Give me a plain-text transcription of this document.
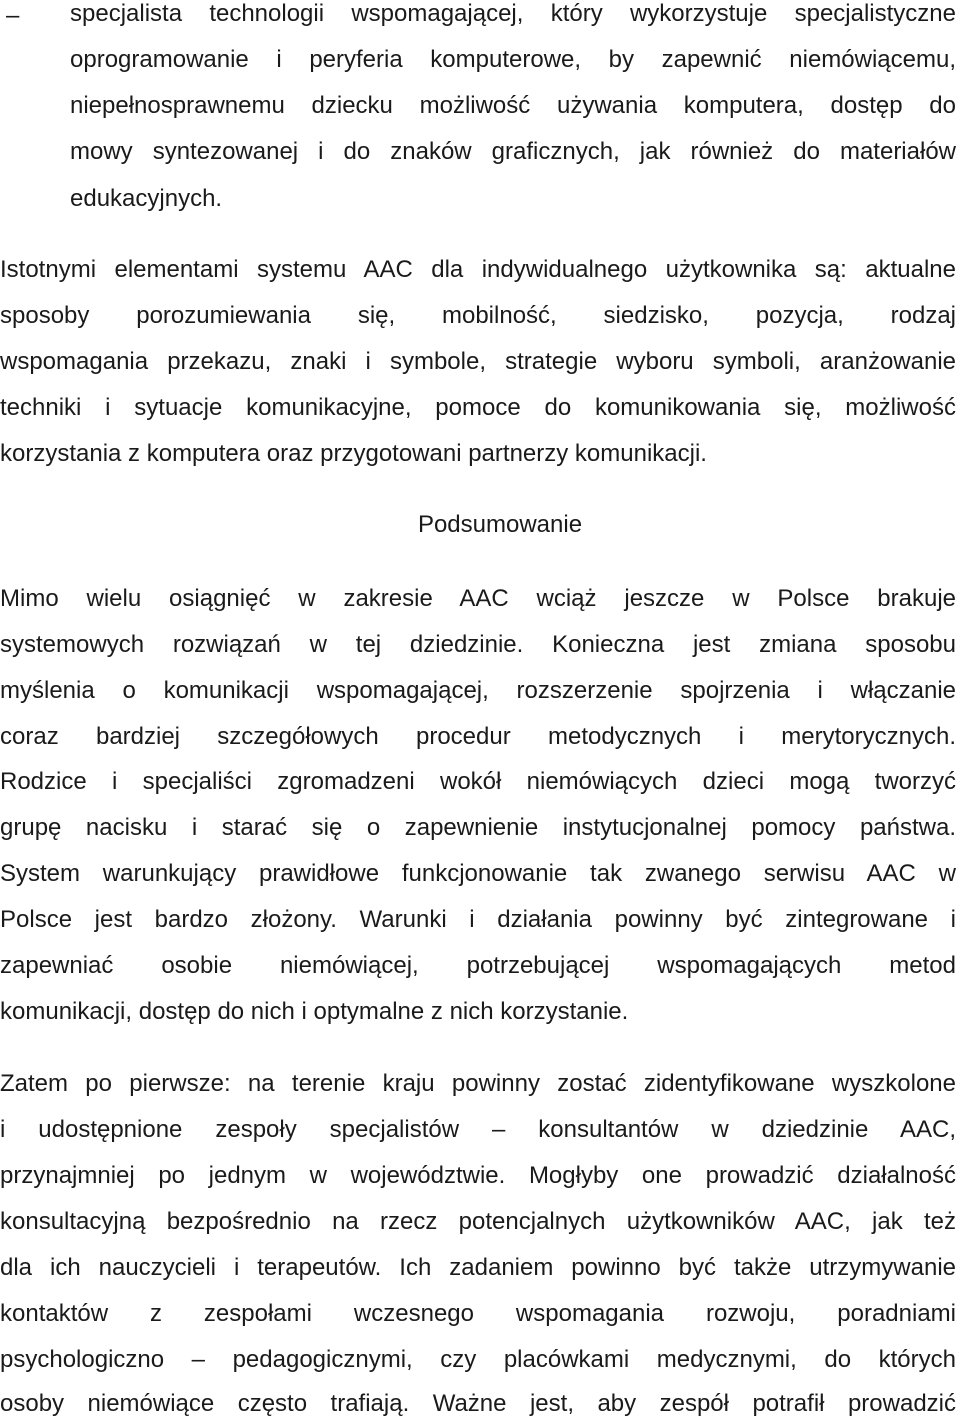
– specjalista technologii wspomagającej, który wykorzystuje specjalistyczne
oprogramowanie i peryferia komputerowe, by zapewnić niemówiącemu,
niepełnosprawnemu dziecku możliwość używania komputera, dostęp do
mowy syntezowanej i do znaków graficznych, jak również do materiałów
edukacyjnych.
Istotnymi elementami systemu AAC dla indywidualnego użytkownika są: aktualne
sposoby porozumiewania się, mobilność, siedzisko, pozycja, rodzaj
wspomagania przekazu, znaki i symbole, strategie wyboru symboli, aranżowanie
techniki i sytuacje komunikacyjne, pomoce do komunikowania się, możliwość
korzystania z komputera oraz przygotowani partnerzy komunikacji.
Podsumowanie
Mimo wielu osiągnięć w zakresie AAC wciąż jeszcze w Polsce brakuje
systemowych rozwiązań w tej dziedzinie. Konieczna jest zmiana sposobu
myślenia o komunikacji wspomagającej, rozszerzenie spojrzenia i włączanie
coraz bardziej szczegółowych procedur metodycznych i merytorycznych.
Rodzice i specjaliści zgromadzeni wokół niemówiących dzieci mogą tworzyć
grupę nacisku i starać się o zapewnienie instytucjonalnej pomocy państwa.
System warunkujący prawidłowe funkcjonowanie tak zwanego serwisu AAC w
Polsce jest bardzo złożony. Warunki i działania powinny być zintegrowane i
zapewniać osobie niemówiącej, potrzebującej wspomagających metod
komunikacji, dostęp do nich i optymalne z nich korzystanie.
Zatem po pierwsze: na terenie kraju powinny zostać zidentyfikowane wyszkolone
i udostępnione zespoły specjalistów – konsultantów w dziedzinie AAC,
przynajmniej po jednym w województwie. Mogłyby one prowadzić działalność
konsultacyjną bezpośrednio na rzecz potencjalnych użytkowników AAC, jak też
dla ich nauczycieli i terapeutów. Ich zadaniem powinno być także utrzymywanie
kontaktów z zespołami wczesnego wspomagania rozwoju, poradniami
psychologiczno – pedagogicznymi, czy placówkami medycznymi, do których
osoby niemówiące często trafiają. Ważne jest, aby zespół potrafił prowadzić
